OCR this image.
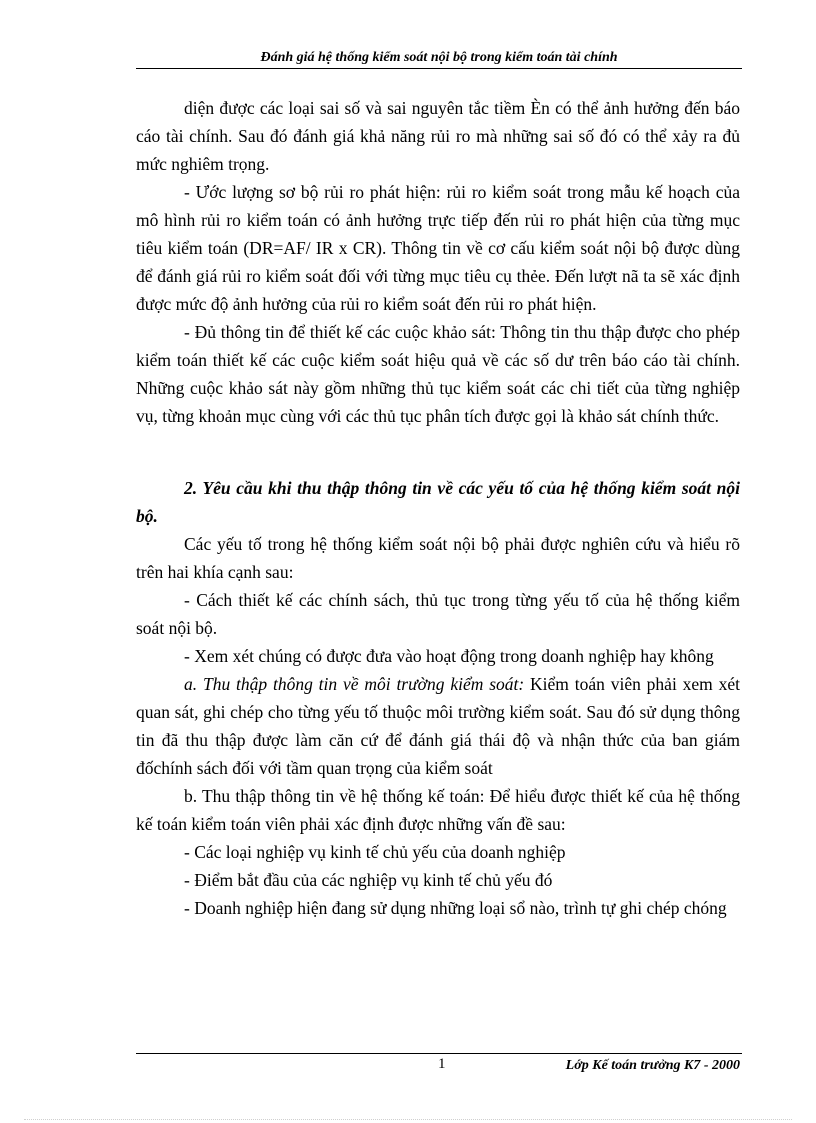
Đánh giá hệ thống kiểm soát nội bộ trong kiểm toán tài chính

diện được các loại sai số và sai nguyên tắc tiềm Èn có thể ảnh hưởng đến báo cáo tài chính. Sau đó đánh giá khả năng rủi ro mà những sai số đó có thể xảy ra đủ mức nghiêm trọng.

- Ước lượng sơ bộ rủi ro phát hiện: rủi ro kiểm soát trong mẫu kế hoạch của mô hình rủi ro kiểm toán có ảnh hưởng trực tiếp đến rủi ro phát hiện của từng mục tiêu kiểm toán (DR=AF/ IR x CR). Thông tin về cơ cấu kiểm soát nội bộ được dùng để đánh giá rủi ro kiểm soát đối với từng mục tiêu cụ thẻe. Đến lượt nã ta sẽ xác định được mức độ ảnh hưởng của rủi ro kiểm soát đến rủi ro phát hiện.

- Đủ thông tin để thiết kế các cuộc khảo sát: Thông tin thu thập được cho phép kiểm toán thiết kế các cuộc kiểm soát hiệu quả về các số dư trên báo cáo tài chính. Những cuộc khảo sát này gồm những thủ tục kiểm soát các chi tiết của từng nghiệp vụ, từng khoản mục cùng với các thủ tục phân tích được gọi là khảo sát chính thức.

2. Yêu cầu khi thu thập thông tin về các yếu tố của hệ thống kiểm soát nội bộ.

Các yếu tố trong hệ thống kiểm soát nội bộ phải được nghiên cứu và hiểu rõ trên hai khía cạnh sau:

- Cách thiết kế các chính sách, thủ tục trong từng yếu tố của hệ thống kiểm soát nội bộ.

- Xem xét chúng có được đưa vào hoạt động trong doanh nghiệp hay không

a. Thu thập thông tin về môi trường kiểm soát: Kiểm toán viên phải xem xét quan sát, ghi chép cho từng yếu tố thuộc môi trường kiểm soát. Sau đó sử dụng thông tin đã thu thập được làm căn cứ để đánh giá thái độ và nhận thức của ban giám đốchính sách đối với tầm quan trọng của kiểm soát

b. Thu thập thông tin về hệ thống kế toán: Để hiểu được thiết kế của hệ thống kế toán kiểm toán viên phải xác định được những vấn đề sau:

- Các loại nghiệp vụ kinh tế chủ yếu của doanh nghiệp

- Điểm bắt đầu của các nghiệp vụ kinh tế chủ yếu đó

- Doanh nghiệp hiện đang sử dụng những loại sổ nào, trình tự ghi chép chóng

1	Lớp Kế toán trưởng K7 - 2000
